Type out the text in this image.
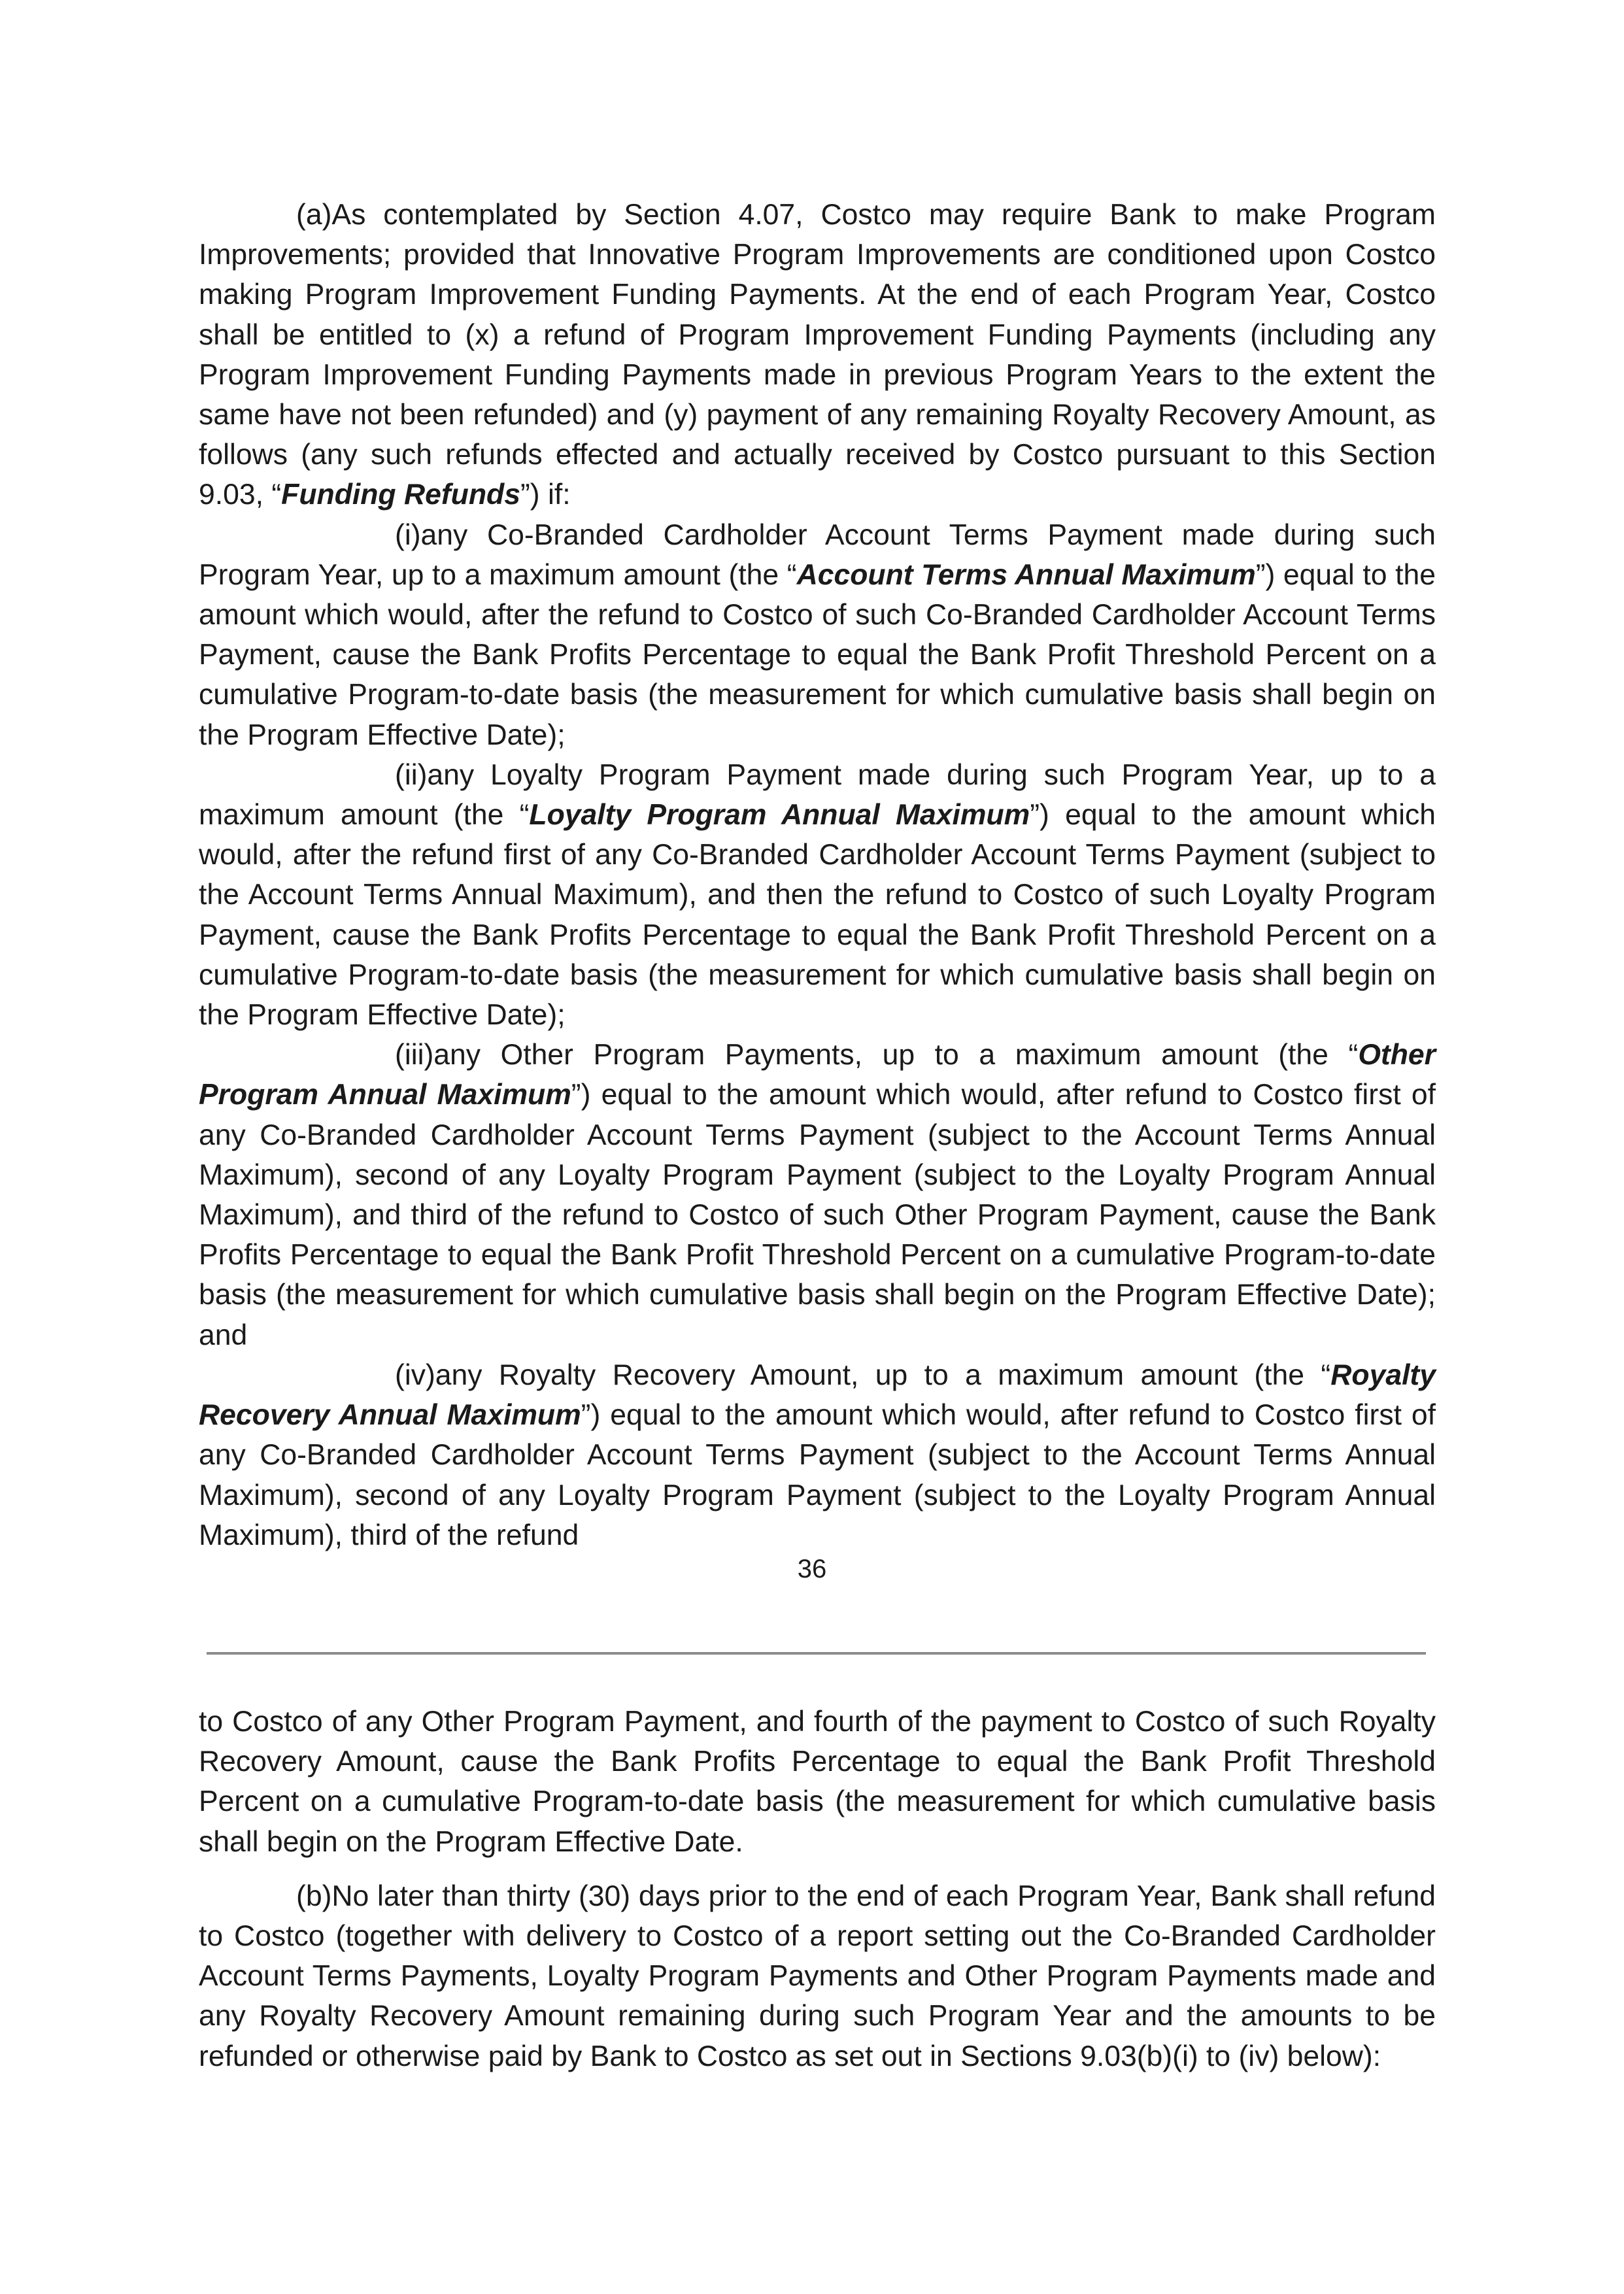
(a)As contemplated by Section 4.07, Costco may require Bank to make Program Improvements; provided that Innovative Program Improvements are conditioned upon Costco making Program Improvement Funding Payments. At the end of each Program Year, Costco shall be entitled to (x) a refund of Program Improvement Funding Payments (including any Program Improvement Funding Payments made in previous Program Years to the extent the same have not been refunded) and (y) payment of any remaining Royalty Recovery Amount, as follows (any such refunds effected and actually received by Costco pursuant to this Section 9.03, “Funding Refunds”) if:

(i)any Co-Branded Cardholder Account Terms Payment made during such Program Year, up to a maximum amount (the “Account Terms Annual Maximum”) equal to the amount which would, after the refund to Costco of such Co-Branded Cardholder Account Terms Payment, cause the Bank Profits Percentage to equal the Bank Profit Threshold Percent on a cumulative Program-to-date basis (the measurement for which cumulative basis shall begin on the Program Effective Date);

(ii)any Loyalty Program Payment made during such Program Year, up to a maximum amount (the “Loyalty Program Annual Maximum”) equal to the amount which would, after the refund first of any Co-Branded Cardholder Account Terms Payment (subject to the Account Terms Annual Maximum), and then the refund to Costco of such Loyalty Program Payment, cause the Bank Profits Percentage to equal the Bank Profit Threshold Percent on a cumulative Program-to-date basis (the measurement for which cumulative basis shall begin on the Program Effective Date);

(iii)any Other Program Payments, up to a maximum amount (the “Other Program Annual Maximum”) equal to the amount which would, after refund to Costco first of any Co-Branded Cardholder Account Terms Payment (subject to the Account Terms Annual Maximum), second of any Loyalty Program Payment (subject to the Loyalty Program Annual Maximum), and third of the refund to Costco of such Other Program Payment, cause the Bank Profits Percentage to equal the Bank Profit Threshold Percent on a cumulative Program-to-date basis (the measurement for which cumulative basis shall begin on the Program Effective Date); and

(iv)any Royalty Recovery Amount, up to a maximum amount (the “Royalty Recovery Annual Maximum”) equal to the amount which would, after refund to Costco first of any Co-Branded Cardholder Account Terms Payment (subject to the Account Terms Annual Maximum), second of any Loyalty Program Payment (subject to the Loyalty Program Annual Maximum), third of the refund

36

to Costco of any Other Program Payment, and fourth of the payment to Costco of such Royalty Recovery Amount, cause the Bank Profits Percentage to equal the Bank Profit Threshold Percent on a cumulative Program-to-date basis (the measurement for which cumulative basis shall begin on the Program Effective Date.

(b)No later than thirty (30) days prior to the end of each Program Year, Bank shall refund to Costco (together with delivery to Costco of a report setting out the Co-Branded Cardholder Account Terms Payments, Loyalty Program Payments and Other Program Payments made and any Royalty Recovery Amount remaining during such Program Year and the amounts to be refunded or otherwise paid by Bank to Costco as set out in Sections 9.03(b)(i) to (iv) below):
